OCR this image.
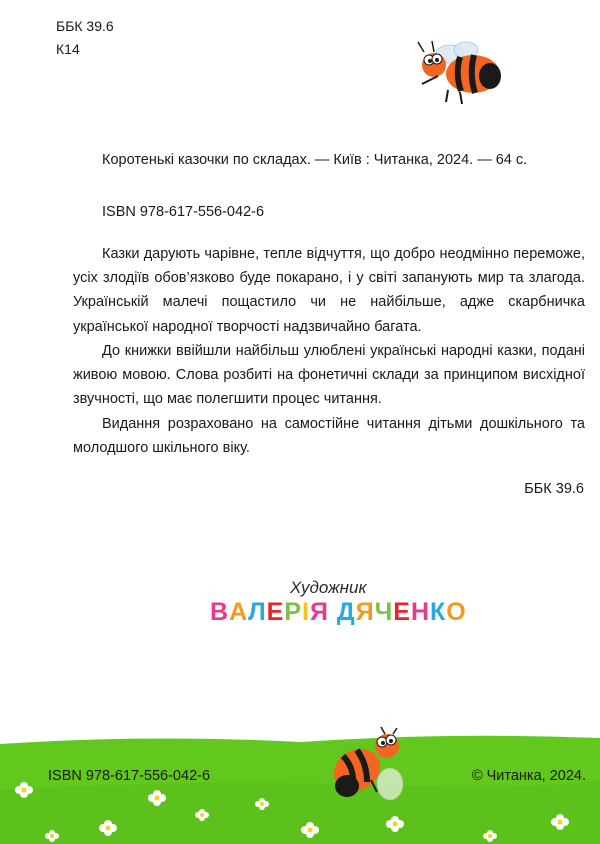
ББК 39.6
К14
Коротенькі казочки по складах. — Київ : Читанка, 2024. — 64 с.
ISBN 978-617-556-042-6

Казки дарують чарівне, тепле відчуття, що добро неодмінно переможе, усіх злодіїв обов’язково буде покарано, і у світі запанують мир та злагода. Українській малечі пощастило чи не найбільше, адже скарбничка української народної творчості надзвичайно багата.

До книжки ввійшли найбільш улюблені українські народні казки, подані живою мовою. Слова розбиті на фонетичні склади за принципом висхідної звучності, що має полегшити процес читання.

Видання розраховано на самостійне читання дітьми дошкільного та молодшого шкільного віку.

ББК 39.6
Художник
ВАЛЕРІЯ ДЯЧЕНКО
ISBN 978-617-556-042-6	© Читанка, 2024.
